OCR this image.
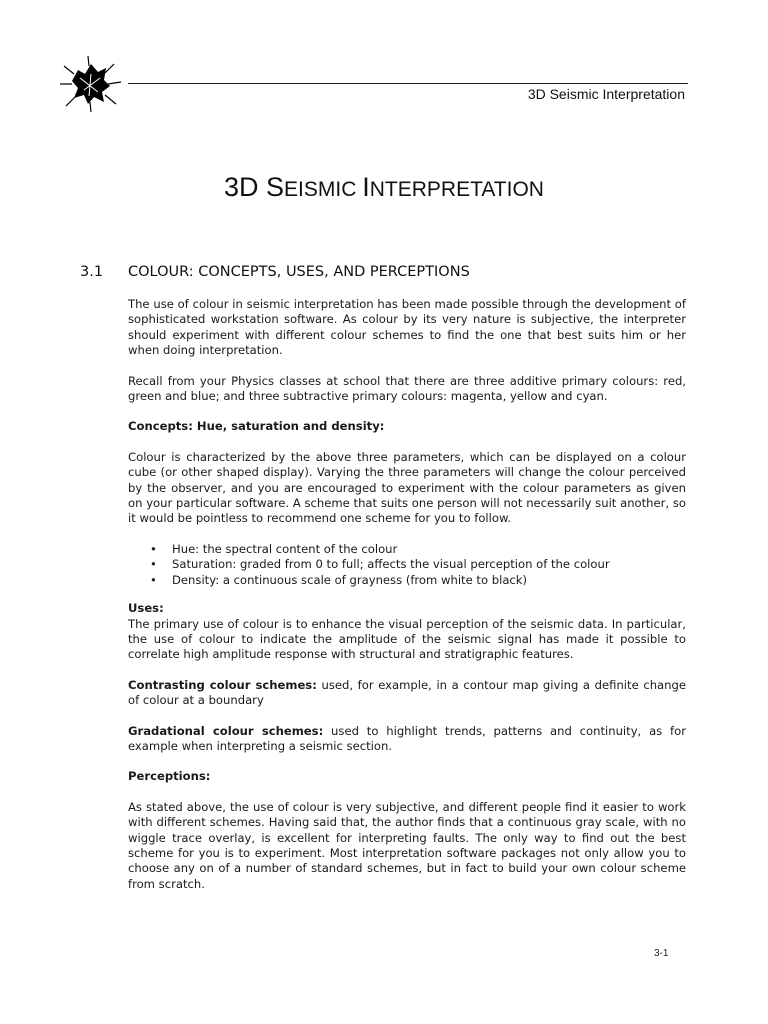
3D Seismic Interpretation
3D SEISMIC INTERPRETATION
3.1 COLOUR: CONCEPTS, USES, AND PERCEPTIONS

The use of colour in seismic interpretation has been made possible through the development of sophisticated workstation software. As colour by its very nature is subjective, the interpreter should experiment with different colour schemes to find the one that best suits him or her when doing interpretation.

Recall from your Physics classes at school that there are three additive primary colours: red, green and blue; and three subtractive primary colours: magenta, yellow and cyan.

Concepts: Hue, saturation and density:

Colour is characterized by the above three parameters, which can be displayed on a colour cube (or other shaped display). Varying the three parameters will change the colour perceived by the observer, and you are encouraged to experiment with the colour parameters as given on your particular software. A scheme that suits one person will not necessarily suit another, so it would be pointless to recommend one scheme for you to follow.

• Hue: the spectral content of the colour
• Saturation: graded from 0 to full; affects the visual perception of the colour
• Density: a continuous scale of grayness (from white to black)

Uses:

The primary use of colour is to enhance the visual perception of the seismic data. In particular, the use of colour to indicate the amplitude of the seismic signal has made it possible to correlate high amplitude response with structural and stratigraphic features.

Contrasting colour schemes: used, for example, in a contour map giving a definite change of colour at a boundary

Gradational colour schemes: used to highlight trends, patterns and continuity, as for example when interpreting a seismic section.

Perceptions:

As stated above, the use of colour is very subjective, and different people find it easier to work with different schemes. Having said that, the author finds that a continuous gray scale, with no wiggle trace overlay, is excellent for interpreting faults. The only way to find out the best scheme for you is to experiment. Most interpretation software packages not only allow you to choose any on of a number of standard schemes, but in fact to build your own colour scheme from scratch.

3-1
